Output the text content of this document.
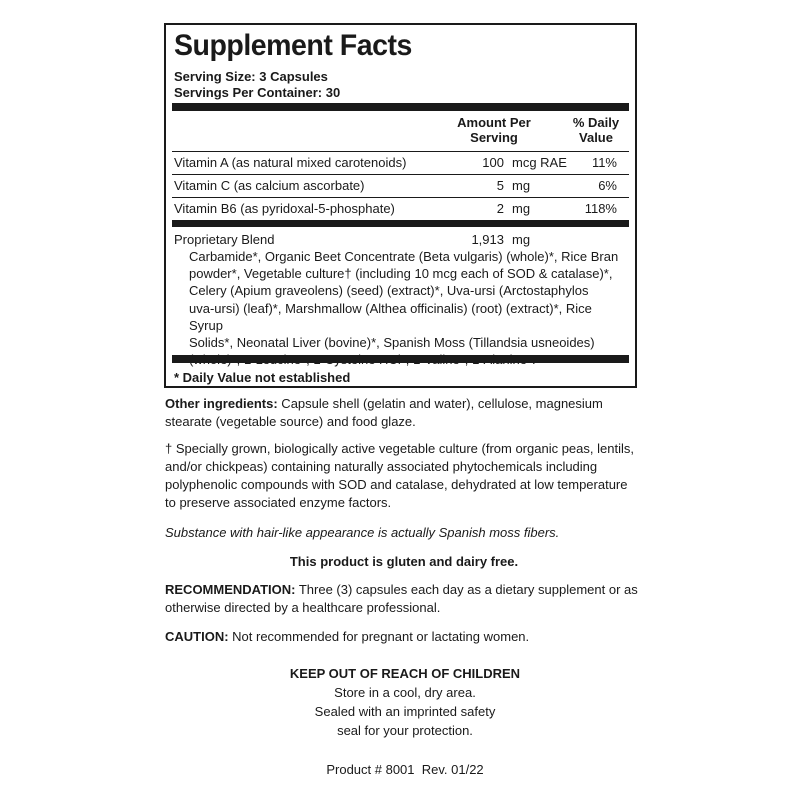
Supplement Facts
Serving Size: 3 Capsules
Servings Per Container: 30
Amount Per
Serving
% Daily
Value
Vitamin A (as natural mixed carotenoids)	100 mcg RAE 11%
Vitamin C (as calcium ascorbate)	5 mg	6%
Vitamin B6 (as pyridoxal-5-phosphate)	2 mg	118%
Proprietary Blend	1,913 mg
Carbamide*, Organic Beet Concentrate (Beta vulgaris) (whole)*, Rice Bran
powder*, Vegetable culture† (including 10 mcg each of SOD & catalase)*,
Celery (Apium graveolens) (seed) (extract)*, Uva-ursi (Arctostaphylos
uva-ursi) (leaf)*, Marshmallow (Althea officinalis) (root) (extract)*, Rice Syrup
Solids*, Neonatal Liver (bovine)*, Spanish Moss (Tillandsia usneoides)
* Daily Value not established
Other ingredients: Capsule shell (gelatin and water), cellulose, magnesium
stearate (vegetable source) and food glaze.
† Specially grown, biologically active vegetable culture (from organic peas, lentils,
and/or chickpeas) containing naturally associated phytochemicals including
polyphenolic compounds with SOD and catalase, dehydrated at low temperature
to preserve associated enzyme factors.
Substance with hair-like appearance is actually Spanish moss fibers.
This product is gluten and dairy free.
RECOMMENDATION: Three (3) capsules each day as a dietary supplement or as
otherwise directed by a healthcare professional.
CAUTION: Not recommended for pregnant or lactating women.
KEEP OUT OF REACH OF CHILDREN
Store in a cool, dry area.
Sealed with an imprinted safety
seal for your protection.
Product # 8001  Rev. 01/22
